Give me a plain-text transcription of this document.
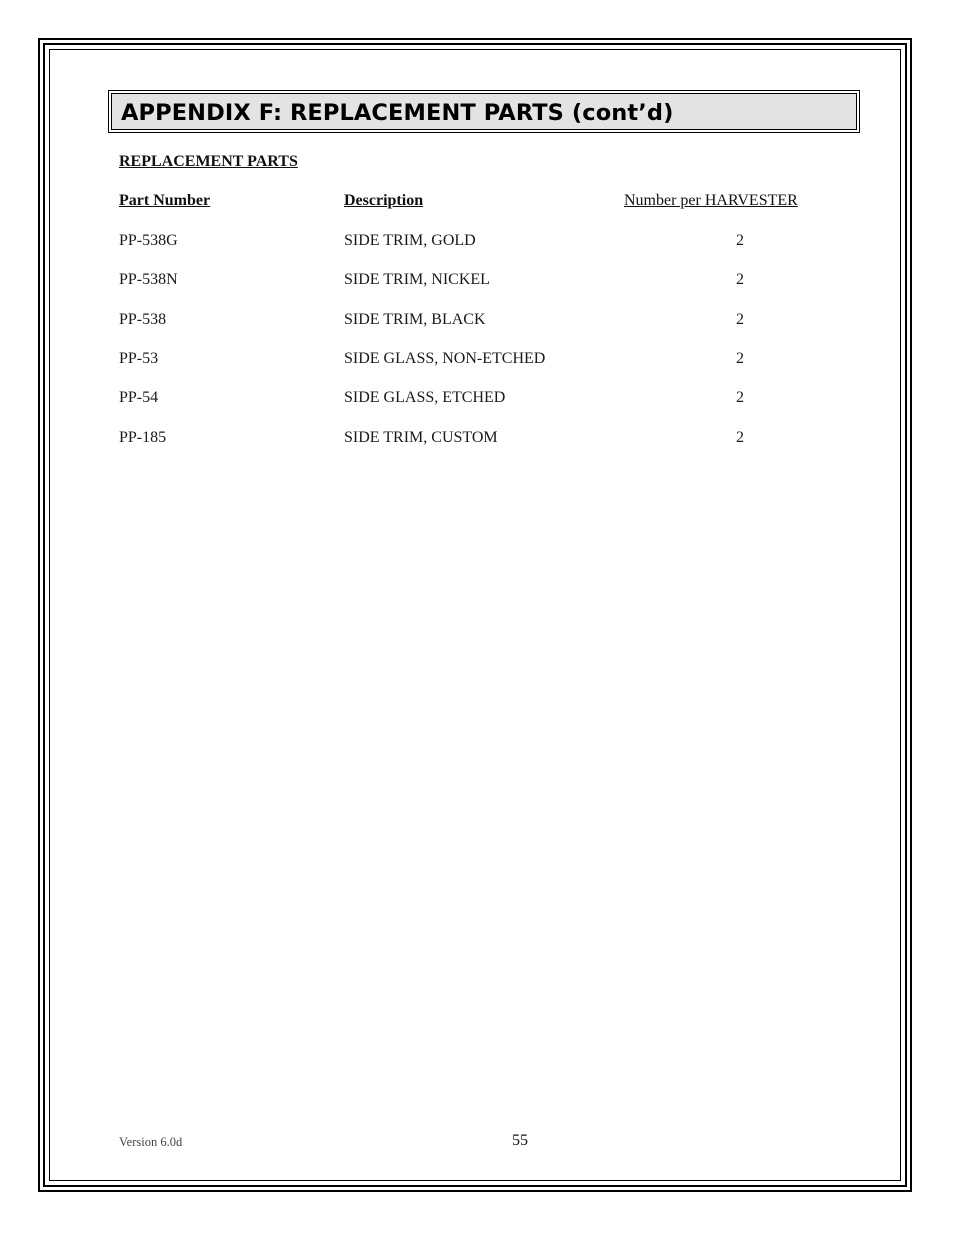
APPENDIX F: REPLACEMENT PARTS (cont’d)
REPLACEMENT PARTS
Part Number	Description	Number per HARVESTER
PP-538G	SIDE TRIM, GOLD	2
PP-538N	SIDE TRIM, NICKEL	2
PP-538	SIDE TRIM, BLACK	2
PP-53	SIDE GLASS, NON-ETCHED	2
PP-54	SIDE GLASS, ETCHED	2
PP-185	SIDE TRIM, CUSTOM	2
Version 6.0d	55
